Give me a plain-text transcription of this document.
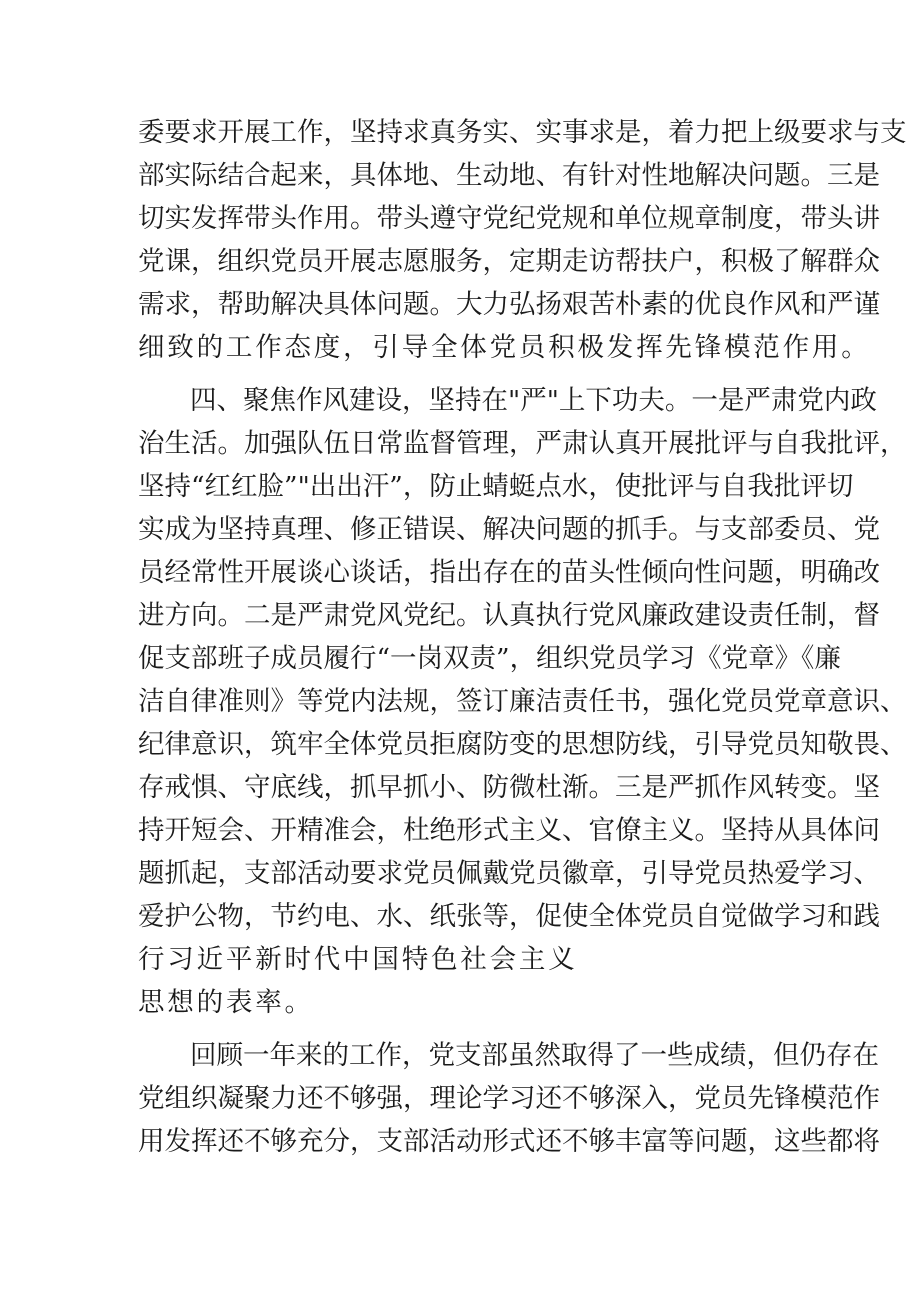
委要求开展工作，坚持求真务实、实事求是，着力把上级要求与支
部实际结合起来，具体地、生动地、有针对性地解决问题。三是
切实发挥带头作用。带头遵守党纪党规和单位规章制度，带头讲
党课，组织党员开展志愿服务，定期走访帮扶户，积极了解群众
需求，帮助解决具体问题。大力弘扬艰苦朴素的优良作风和严谨
细致的工作态度，引导全体党员积极发挥先锋模范作用。
四、聚焦作风建设，坚持在"严"上下功夫。一是严肃党内政
治生活。加强队伍日常监督管理，严肃认真开展批评与自我批评，
坚持“红红脸”"出出汗”，防止蜻蜓点水，使批评与自我批评切
实成为坚持真理、修正错误、解决问题的抓手。与支部委员、党
员经常性开展谈心谈话，指出存在的苗头性倾向性问题，明确改
进方向。二是严肃党风党纪。认真执行党风廉政建设责任制，督
促支部班子成员履行“一岗双责”，组织党员学习《党章》《廉
洁自律准则》等党内法规，签订廉洁责任书，强化党员党章意识、
纪律意识，筑牢全体党员拒腐防变的思想防线，引导党员知敬畏、
存戒惧、守底线，抓早抓小、防微杜渐。三是严抓作风转变。坚
持开短会、开精准会，杜绝形式主义、官僚主义。坚持从具体问
题抓起，支部活动要求党员佩戴党员徽章，引导党员热爱学习、
爱护公物，节约电、水、纸张等，促使全体党员自觉做学习和践
行习近平新时代中国特色社会主义
思想的表率。
回顾一年来的工作，党支部虽然取得了一些成绩，但仍存在
党组织凝聚力还不够强，理论学习还不够深入，党员先锋模范作
用发挥还不够充分，支部活动形式还不够丰富等问题，这些都将
